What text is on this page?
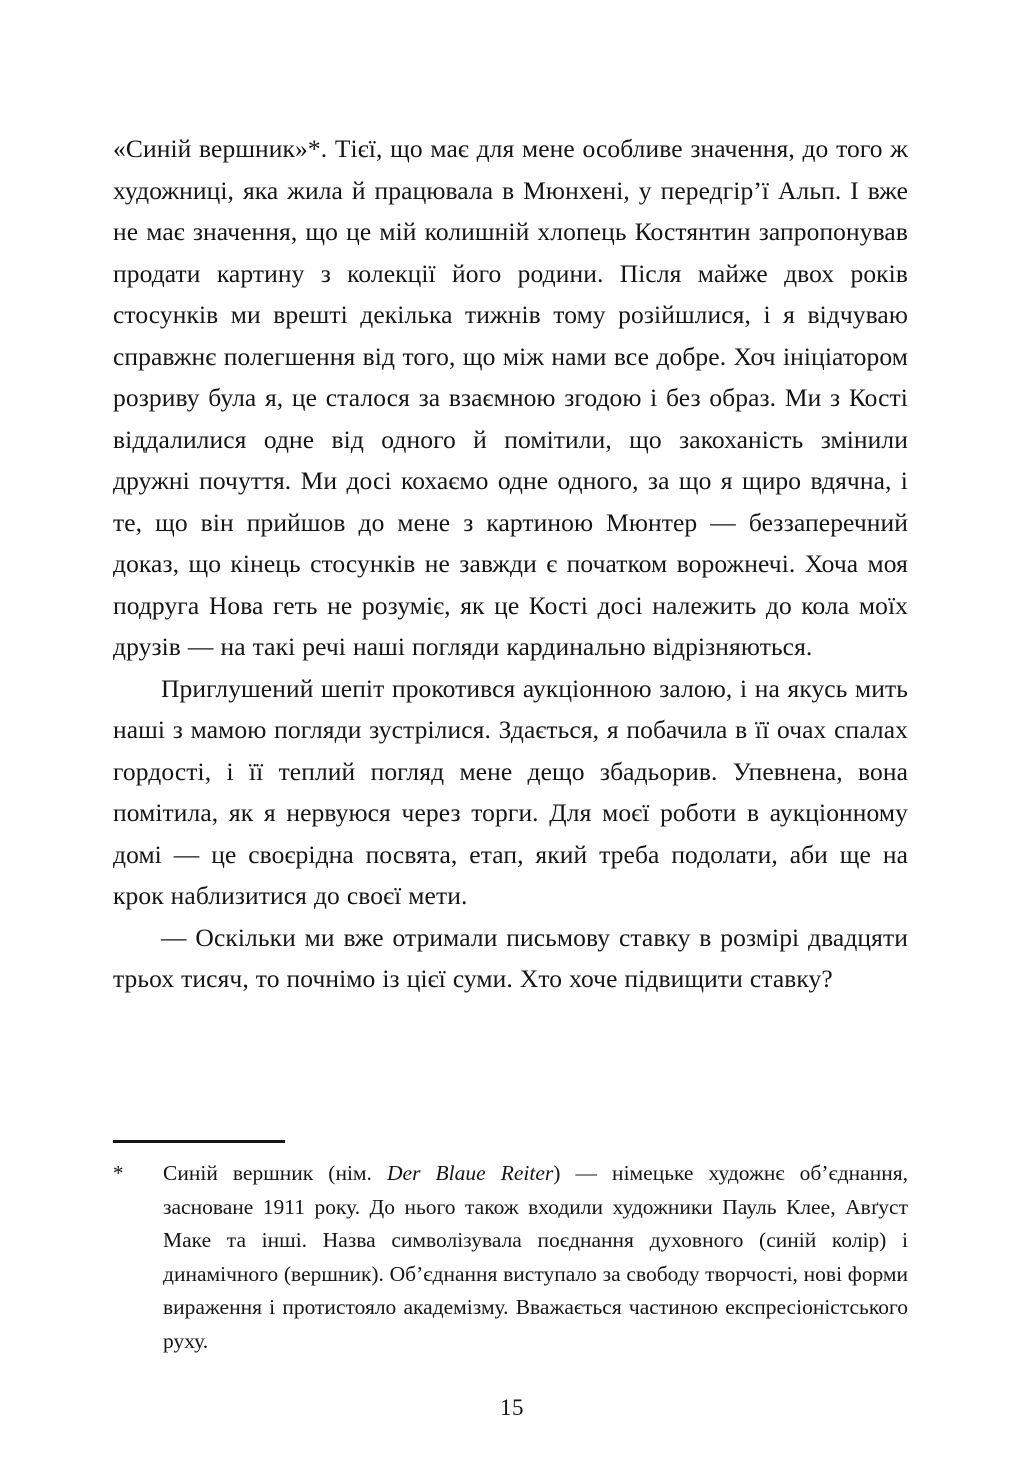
«Синій вершник»*. Тієї, що має для мене особливе значення, до того ж художниці, яка жила й працювала в Мюнхені, у передгір’ї Альп. І вже не має значення, що це мій колишній хлопець Костянтин запропонував продати картину з колекції його родини. Після майже двох років стосунків ми врешті декілька тижнів тому розійшлися, і я відчуваю справжнє полегшення від того, що між нами все добре. Хоч ініціатором розриву була я, це сталося за взаємною згодою і без образ. Ми з Кості віддалилися одне від одного й помітили, що закоханість змінили дружні почуття. Ми досі кохаємо одне одного, за що я щиро вдячна, і те, що він прийшов до мене з картиною Мюнтер — беззаперечний доказ, що кінець стосунків не завжди є початком ворожнечі. Хоча моя подруга Нова геть не розуміє, як це Кості досі належить до кола моїх друзів — на такі речі наші погляди кардинально відрізняються.

Приглушений шепіт прокотився аукціонною залою, і на якусь мить наші з мамою погляди зустрілися. Здається, я побачила в її очах спалах гордості, і її теплий погляд мене дещо збадьорив. Упевнена, вона помітила, як я нервуюся через торги. Для моєї роботи в аукціонному домі — це своєрідна посвята, етап, який треба подолати, аби ще на крок наблизитися до своєї мети.

— Оскільки ми вже отримали письмову ставку в розмірі двадцяти трьох тисяч, то почнімо із цієї суми. Хто хоче підвищити ставку?

*	Синій вершник (нім. Der Blaue Reiter) — німецьке художнє об’єднання, засноване 1911 року. До нього також входили художники Пауль Клее, Авґуст Маке та інші. Назва символізувала поєднання духовного (синій колір) і динамічного (вершник). Об’єднання виступало за свободу творчості, нові форми вираження і протистояло академізму. Вважається частиною експресіоністського руху.
15
